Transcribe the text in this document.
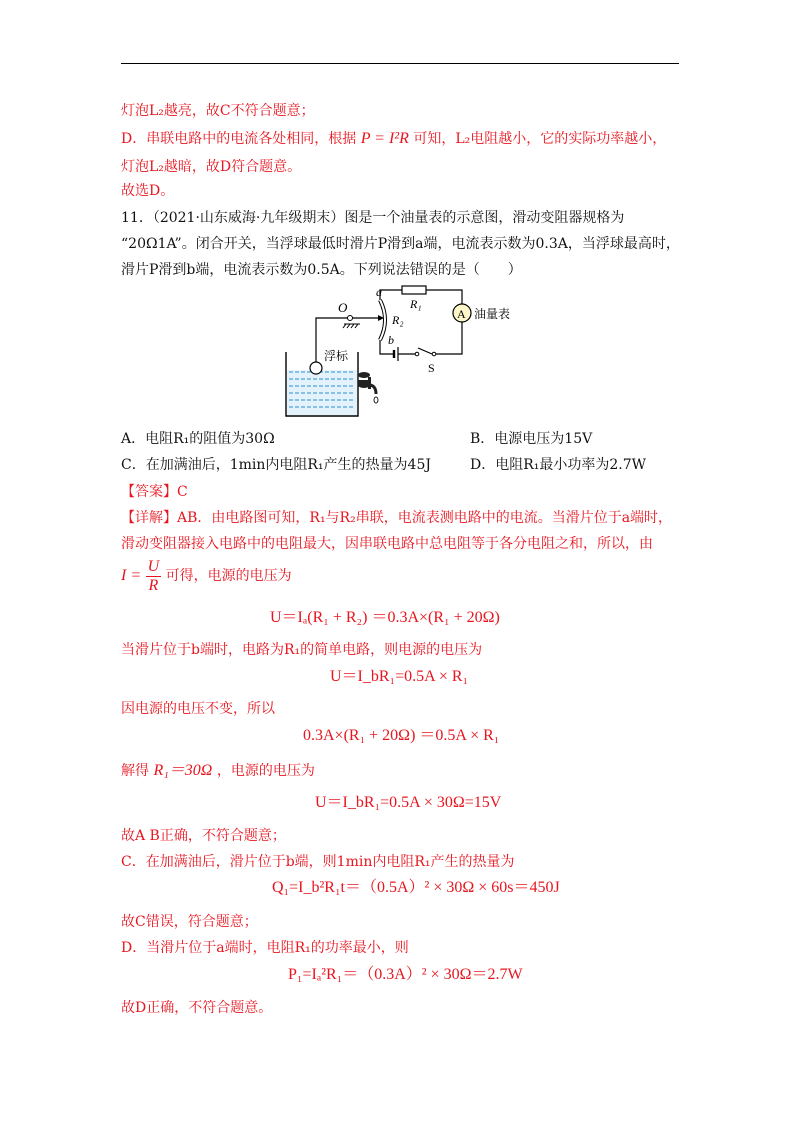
灯泡L₂越亮，故C不符合题意；
D．串联电路中的电流各处相同，根据 P = I²R 可知，L₂电阻越小，它的实际功率越小，
灯泡L₂越暗，故D符合题意。
故选D。
11．（2021·山东威海·九年级期末）图是一个油量表的示意图，滑动变阻器规格为
“20Ω1A”。闭合开关，当浮球最低时滑片P滑到a端，电流表示数为0.3A，当浮球最高时，
滑片P滑到b端，电流表示数为0.5A。下列说法错误的是（　　）
浮标
O
R₂
a
b
R₁
A 油量表
S
A．电阻R₁的阻值为30Ω	B．电源电压为15V
C．在加满油后，1min内电阻R₁产生的热量为45J	D．电阻R₁最小功率为2.7W
【答案】C
【详解】AB．由电路图可知，R₁与R₂串联，电流表测电路中的电流。当滑片位于a端时，
滑动变阻器接入电路中的电阻最大，因串联电路中总电阻等于各分电阻之和，所以，由
$I = \frac{U}{R}$ 可得，电源的电压为
U＝Iₐ(R₁ + R₂) ＝0.3A×(R₁ + 20Ω)
当滑片位于b端时，电路为R₁的简单电路，则电源的电压为
U＝I_bR₁=0.5A × R₁
因电源的电压不变，所以
0.3A×(R₁ + 20Ω) ＝0.5A × R₁
解得 R₁＝30Ω ，电源的电压为
U＝I_bR₁=0.5A × 30Ω=15V
故A B正确，不符合题意；
C．在加满油后，滑片位于b端，则1min内电阻R₁产生的热量为
Q₁=I_b²R₁t＝（0.5A）² × 30Ω × 60s＝450J
故C错误，符合题意；
D．当滑片位于a端时，电阻R₁的功率最小，则
P₁=Iₐ²R₁＝（0.3A）² × 30Ω＝2.7W
故D正确，不符合题意。
